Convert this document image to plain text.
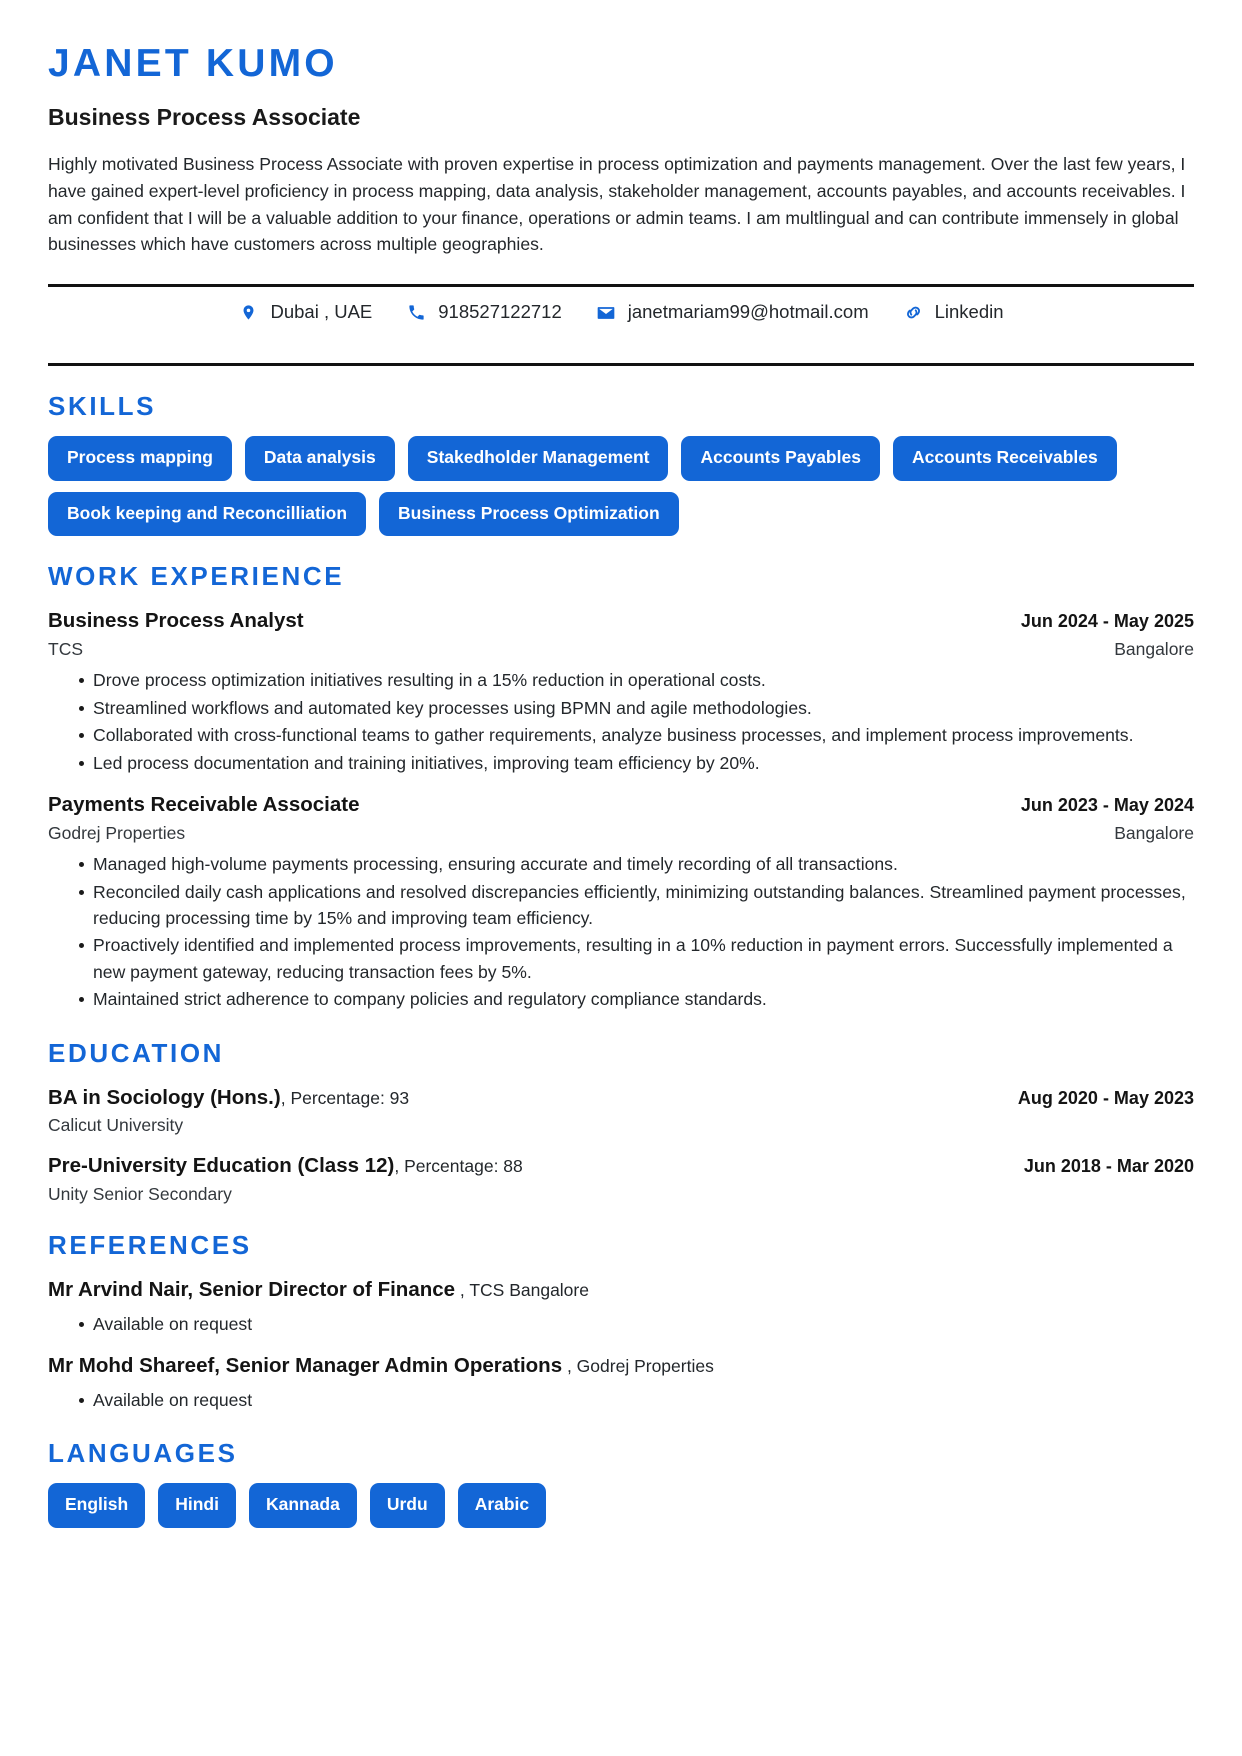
JANET KUMO
Business Process Associate

Highly motivated Business Process Associate with proven expertise in process optimization and payments management. Over the last few years, I have gained expert-level proficiency in process mapping, data analysis, stakeholder management, accounts payables, and accounts receivables. I am confident that I will be a valuable addition to your finance, operations or admin teams. I am multlingual and can contribute immensely in global businesses which have customers across multiple geographies.

Dubai , UAE	918527122712	janetmariam99@hotmail.com	Linkedin
SKILLS
Process mapping	Data analysis	Stakedholder Management	Accounts Payables	Accounts Receivables
Book keeping and Reconcilliation	Business Process Optimization
WORK EXPERIENCE
Business Process Analyst	Jun 2024 - May 2025
TCS	Bangalore
Drove process optimization initiatives resulting in a 15% reduction in operational costs.
Streamlined workflows and automated key processes using BPMN and agile methodologies.
Collaborated with cross-functional teams to gather requirements, analyze business processes, and implement process improvements.
Led process documentation and training initiatives, improving team efficiency by 20%.
Payments Receivable Associate	Jun 2023 - May 2024
Godrej Properties	Bangalore
Managed high-volume payments processing, ensuring accurate and timely recording of all transactions.
Reconciled daily cash applications and resolved discrepancies efficiently, minimizing outstanding balances. Streamlined payment processes, reducing processing time by 15% and improving team efficiency.
Proactively identified and implemented process improvements, resulting in a 10% reduction in payment errors. Successfully implemented a new payment gateway, reducing transaction fees by 5%.
Maintained strict adherence to company policies and regulatory compliance standards.
EDUCATION
BA in Sociology (Hons.), Percentage: 93	Aug 2020 - May 2023
Calicut University
Pre-University Education (Class 12), Percentage: 88	Jun 2018 - Mar 2020
Unity Senior Secondary
REFERENCES
Mr Arvind Nair, Senior Director of Finance , TCS Bangalore
Available on request
Mr Mohd Shareef, Senior Manager Admin Operations , Godrej Properties
Available on request
LANGUAGES
English	Hindi	Kannada	Urdu	Arabic
